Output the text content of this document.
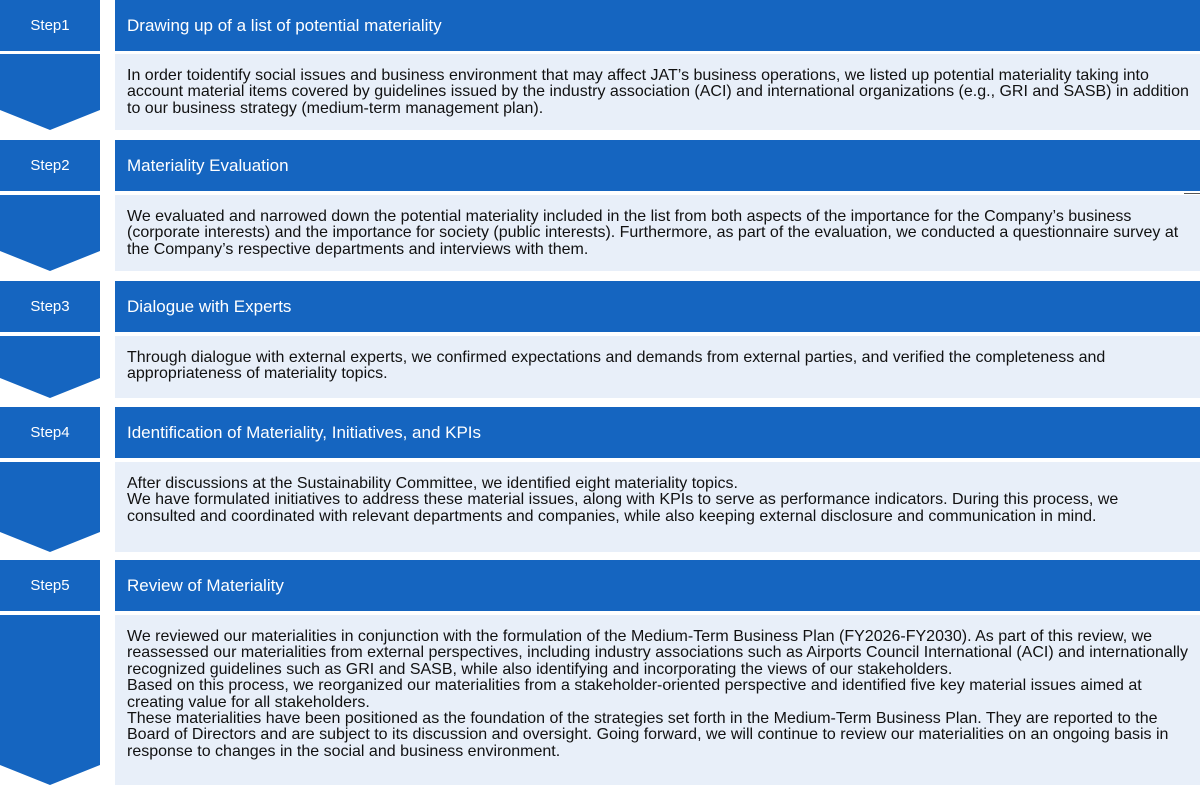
Step1	Drawing up of a list of potential materiality

In order toidentify social issues and business environment that may affect JAT’s business operations, we listed up potential materiality taking into account material items covered by guidelines issued by the industry association (ACI) and international organizations (e.g., GRI and SASB) in addition to our business strategy (medium-term management plan).

Step2	Materiality Evaluation

We evaluated and narrowed down the potential materiality included in the list from both aspects of the importance for the Company’s business (corporate interests) and the importance for society (public interests). Furthermore, as part of the evaluation, we conducted a questionnaire survey at the Company’s respective departments and interviews with them.

Step3	Dialogue with Experts

Through dialogue with external experts, we confirmed expectations and demands from external parties, and verified the completeness and appropriateness of materiality topics.

Step4	Identification of Materiality, Initiatives, and KPIs

After discussions at the Sustainability Committee, we identified eight materiality topics.

We have formulated initiatives to address these material issues, along with KPIs to serve as performance indicators. During this process, we consulted and coordinated with relevant departments and companies, while also keeping external disclosure and communication in mind.

Step5	Review of Materiality

We reviewed our materialities in conjunction with the formulation of the Medium-Term Business Plan (FY2026-FY2030). As part of this review, we reassessed our materialities from external perspectives, including industry associations such as Airports Council International (ACI) and internationally recognized guidelines such as GRI and SASB, while also identifying and incorporating the views of our stakeholders.

Based on this process, we reorganized our materialities from a stakeholder-oriented perspective and identified five key material issues aimed at creating value for all stakeholders.

These materialities have been positioned as the foundation of the strategies set forth in the Medium-Term Business Plan. They are reported to the Board of Directors and are subject to its discussion and oversight. Going forward, we will continue to review our materialities on an ongoing basis in response to changes in the social and business environment.
